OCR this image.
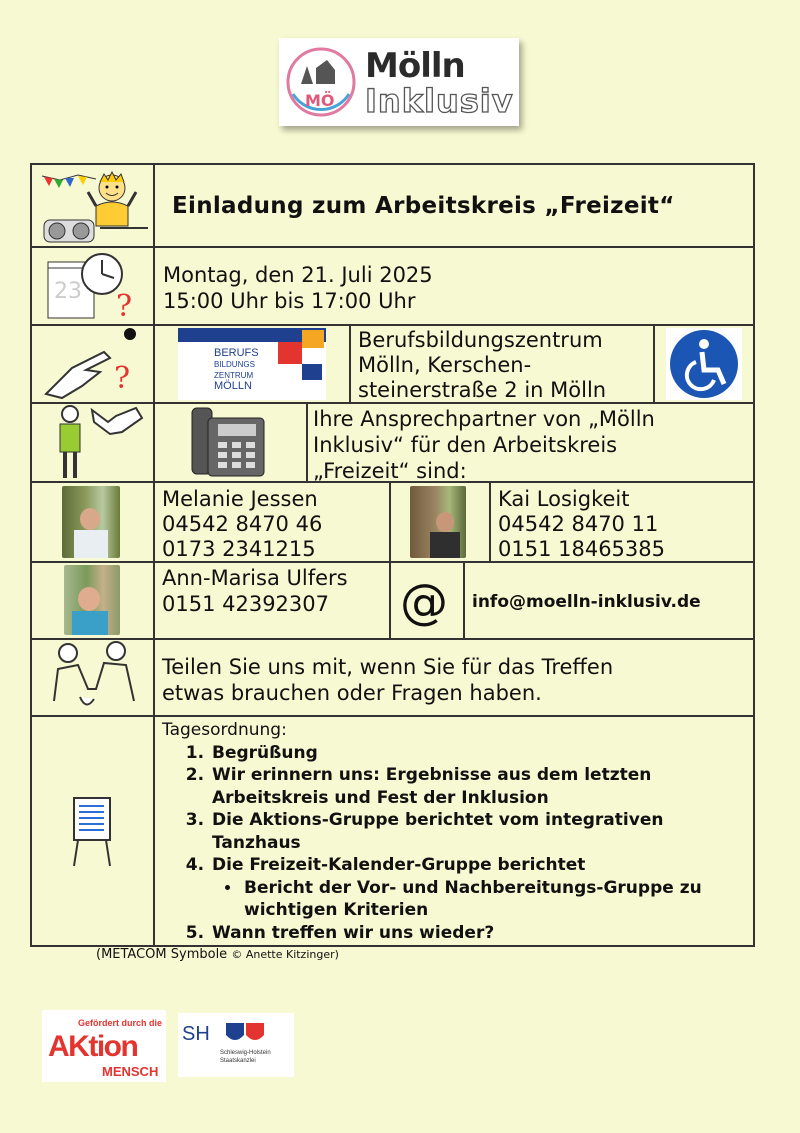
MÖ
Mölln
Inklusiv
Einladung zum Arbeitskreis „Freizeit“
23 ?
Montag, den 21. Juli 2025
15:00 Uhr bis 17:00 Uhr
?
BERUFS
BILDUNGS
ZENTRUM
MÖLLN
Berufsbildungszentrum
Mölln, Kerschen-
steinerstraße 2 in Mölln
Ihre Ansprechpartner von „Mölln
Inklusiv“ für den Arbeitskreis
„Freizeit“ sind:
Melanie Jessen
04542 8470 46
0173 2341215
Kai Losigkeit
04542 8470 11
0151 18465385
Ann-Marisa Ulfers
0151 42392307 @ info@moelln-inklusiv.de
Teilen Sie uns mit, wenn Sie für das Treffen
etwas brauchen oder Fragen haben.
Tagesordnung:
1. Begrüßung
2. Wir erinnern uns: Ergebnisse aus dem letzten Arbeitskreis und Fest der Inklusion
3. Die Aktions-Gruppe berichtet vom integrativen Tanzhaus
4. Die Freizeit-Kalender-Gruppe berichtet
• Bericht der Vor- und Nachbereitungs-Gruppe zu wichtigen Kriterien
5. Wann treffen wir uns wieder?
(METACOM Symbole © Anette Kitzinger)
Gefördert durch die
AKtion
MENSCH
SH
Schleswig-Holstein
Staatskanzlei
